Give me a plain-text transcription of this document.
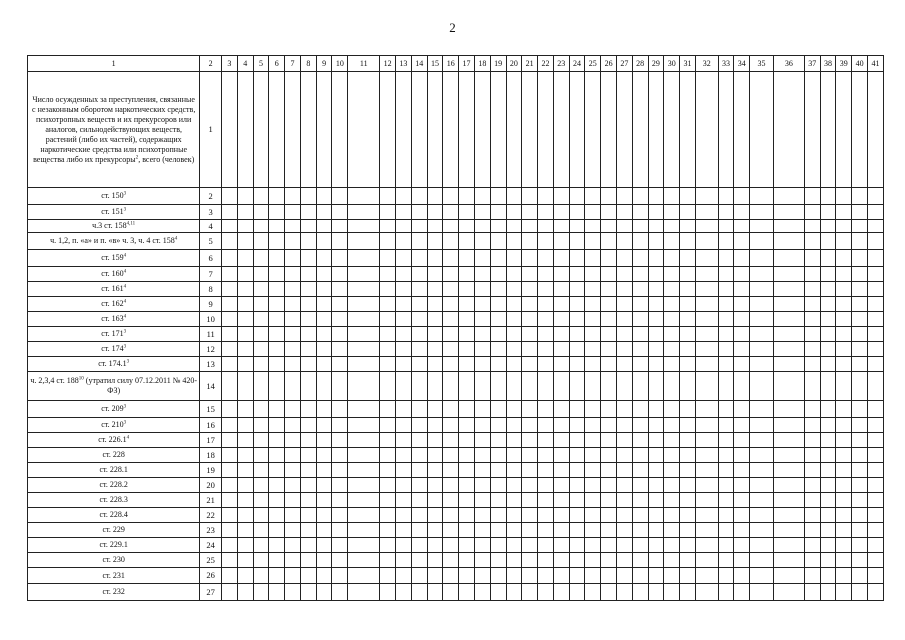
2
1	2	3	4	5	6	7	8	9	10	11	12	13	14	15	16	17	18	19	20	21	22	23	24	25	26	27	28	29	30	31	32	33	34	35	36	37	38	39	40	41
Число осужденных за преступления, связанные с незаконным оборотом наркотических средств, психотропных веществ и их прекурсоров или аналогов, сильнодействующих веществ, растений (либо их частей), содержащих наркотические средства или психотропные вещества либо их прекурсоры$^2$, всего (человек)	1																																							
ст. $150^3$	2																																							
ст. $151^3$	3																																							
ч.3 ст. 158$^{4,11}$	4																																							
ч. 1,2, п. «а» и п. «в» ч. 3, ч. 4 ст. $158^4$	5																																							
ст. $159^4$	6																																							
ст. $160^4$	7																																							
ст. $161^4$	8																																							
ст. $162^4$	9																																							
ст. $163^4$	10																																							
ст. $171^3$	11																																							
ст. $174^3$	12																																							
ст. 174.1$^3$	13																																							
ч. 2,3,4 ст. $188^{10}$ (утратил силу 07.12.2011 № 420-ФЗ)	14																																							
ст. $209^3$	15																																							
ст. $210^3$	16																																							
ст. 226.1$^4$	17																																							
ст. 228	18																																							
ст. 228.1	19																																							
ст. 228.2	20																																							
ст. 228.3	21																																							
ст. 228.4	22																																							
ст. 229	23																																							
ст. 229.1	24																																							
ст. 230	25																																							
ст. 231	26																																							
ст. 232	27																																							
